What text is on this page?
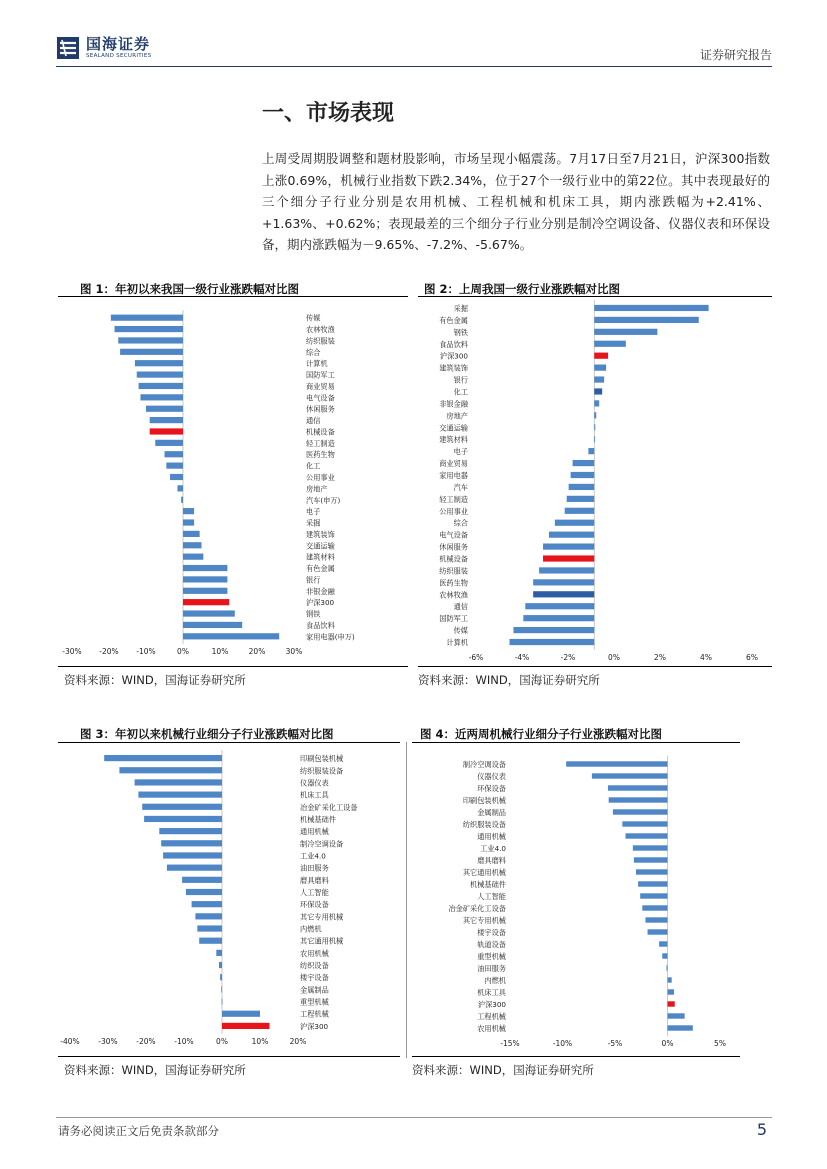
国海证券
SEALAND SECURITIES	证券研究报告
一、市场表现
上周受周期股调整和题材股影响，市场呈现小幅震荡。7月17日至7月21日，沪深300指数上涨0.69%，机械行业指数下跌2.34%，位于27个一级行业中的第22位。其中表现最好的三个细分子行业分别是农用机械、工程机械和机床工具，期内涨跌幅为+2.41%、+1.63%、+0.62%；表现最差的三个细分子行业分别是制冷空调设备、仪器仪表和环保设备，期内涨跌幅为－9.65%、-7.2%、-5.67%。
图 1：年初以来我国一级行业涨跌幅对比图
传媒
农林牧渔
纺织服装
综合
计算机
国防军工
商业贸易
电气设备
休闲服务
通信
机械设备
轻工制造
医药生物
化工
公用事业
房地产
汽车(申万)
电子
采掘
建筑装饰
交通运输
建筑材料
有色金属
银行
非银金融
沪深300
钢铁
食品饮料
家用电器(申万)
-30% -20% -10%	0%	10%	20%	30%
资料来源：WIND，国海证券研究所
图 2：上周我国一级行业涨跌幅对比图
采掘
有色金属
钢铁
食品饮料
沪深300
建筑装饰
银行
化工
非银金融
房地产
交通运输
建筑材料
电子
商业贸易
家用电器
汽车
轻工制造
公用事业
综合
电气设备
休闲服务
机械设备
纺织服装
医药生物
农林牧渔
通信
国防军工
传媒
计算机
-6%	-4%	-2%	0%	2%	4%	6%
资料来源：WIND，国海证券研究所
图 3：年初以来机械行业细分子行业涨跌幅对比图
印刷包装机械
纺织服装设备
仪器仪表
机床工具
冶金矿采化工设备
机械基础件
通用机械
制冷空调设备
工业4.0
油田服务
磨具磨料
人工智能
环保设备
其它专用机械
内燃机
其它通用机械
农用机械
纺织设备
楼宇设备
金属制品
重型机械
工程机械
沪深300
-40% -30% -20% -10%	0%	10%	20%
资料来源：WIND，国海证券研究所
图 4：近两周机械行业细分子行业涨跌幅对比图
制冷空调设备
仪器仪表
环保设备
印刷包装机械
金属制品
纺织服装设备
通用机械
工业4.0
磨具磨料
其它通用机械
机械基础件
人工智能
冶金矿采化工设备
其它专用机械
楼宇设备
轨道设备
重型机械
油田服务
内燃机
机床工具
沪深300
工程机械
农用机械
-15%	-10%	-5%	0%	5%
资料来源：WIND，国海证券研究所
请务必阅读正文后免责条款部分	5
